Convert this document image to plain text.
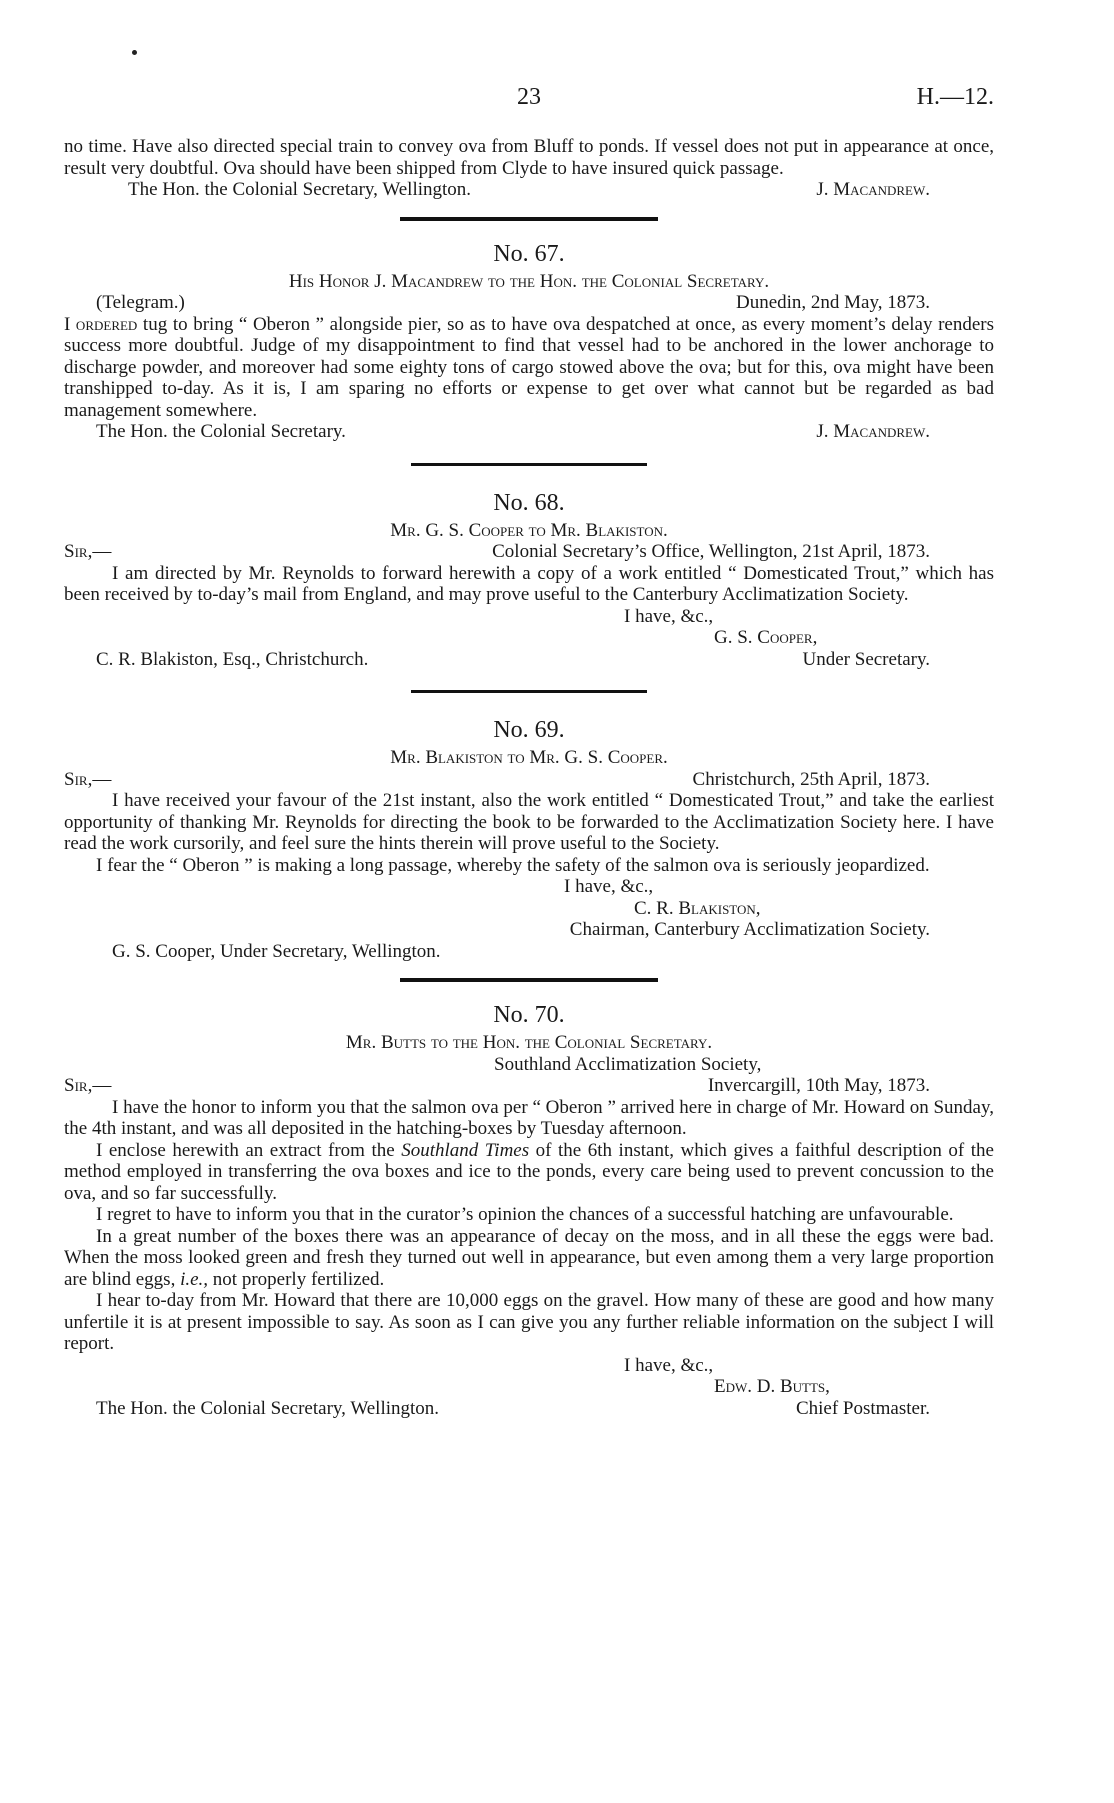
23	H.—12.

no time. Have also directed special train to convey ova from Bluff to ponds. If vessel does not put in appearance at once, result very doubtful. Ova should have been shipped from Clyde to have insured quick passage.

The Hon. the Colonial Secretary, Wellington.	J. Macandrew.
No. 67.
His Honor J. Macandrew to the Hon. the Colonial Secretary.
(Telegram.)	Dunedin, 2nd May, 1873.

I ordered tug to bring “ Oberon ” alongside pier, so as to have ova despatched at once, as every moment’s delay renders success more doubtful. Judge of my disappointment to find that vessel had to be anchored in the lower anchorage to discharge powder, and moreover had some eighty tons of cargo stowed above the ova; but for this, ova might have been transhipped to-day. As it is, I am sparing no efforts or expense to get over what cannot but be regarded as bad management somewhere.

The Hon. the Colonial Secretary.	J. Macandrew.
No. 68.
Mr. G. S. Cooper to Mr. Blakiston.
Sir,—	Colonial Secretary’s Office, Wellington, 21st April, 1873.

I am directed by Mr. Reynolds to forward herewith a copy of a work entitled “ Domesticated Trout,” which has been received by to-day’s mail from England, and may prove useful to the Canterbury Acclimatization Society.

I have, &c.,
G. S. Cooper,
C. R. Blakiston, Esq., Christchurch.	Under Secretary.
No. 69.
Mr. Blakiston to Mr. G. S. Cooper.
Sir,—	Christchurch, 25th April, 1873.

I have received your favour of the 21st instant, also the work entitled “ Domesticated Trout,” and take the earliest opportunity of thanking Mr. Reynolds for directing the book to be forwarded to the Acclimatization Society here. I have read the work cursorily, and feel sure the hints therein will prove useful to the Society.

I fear the “ Oberon ” is making a long passage, whereby the safety of the salmon ova is seriously jeopardized.

I have, &c.,
C. R. Blakiston,
Chairman, Canterbury Acclimatization Society.
G. S. Cooper, Under Secretary, Wellington.
No. 70.
Mr. Butts to the Hon. the Colonial Secretary.
Southland Acclimatization Society,
Sir,—	Invercargill, 10th May, 1873.

I have the honor to inform you that the salmon ova per “ Oberon ” arrived here in charge of Mr. Howard on Sunday, the 4th instant, and was all deposited in the hatching-boxes by Tuesday afternoon.

I enclose herewith an extract from the Southland Times of the 6th instant, which gives a faithful description of the method employed in transferring the ova boxes and ice to the ponds, every care being used to prevent concussion to the ova, and so far successfully.

I regret to have to inform you that in the curator’s opinion the chances of a successful hatching are unfavourable.

In a great number of the boxes there was an appearance of decay on the moss, and in all these the eggs were bad. When the moss looked green and fresh they turned out well in appearance, but even among them a very large proportion are blind eggs, i.e., not properly fertilized.

I hear to-day from Mr. Howard that there are 10,000 eggs on the gravel. How many of these are good and how many unfertile it is at present impossible to say. As soon as I can give you any further reliable information on the subject I will report.

I have, &c.,
Edw. D. Butts,
The Hon. the Colonial Secretary, Wellington.	Chief Postmaster.
